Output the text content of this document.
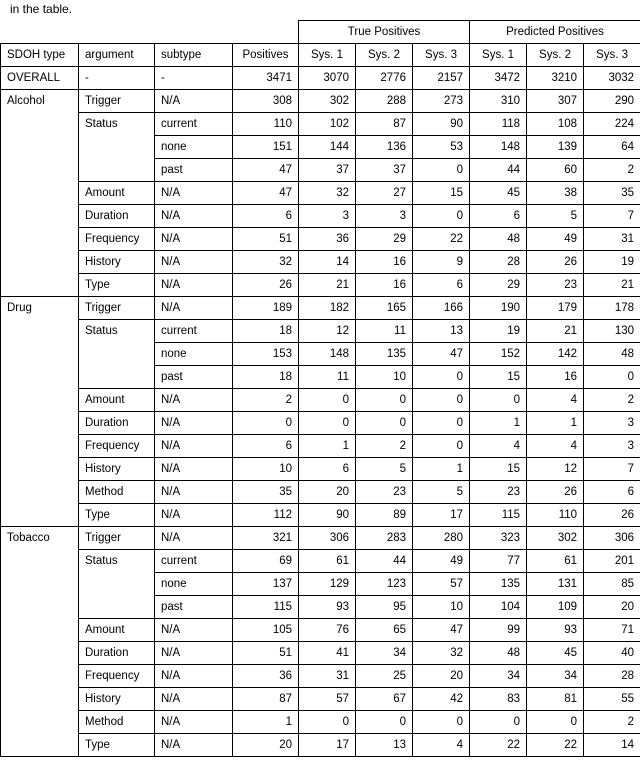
in the table.
				True Positives			Predicted Positives		
SDOH type	argument	subtype	Positives	Sys. 1	Sys. 2	Sys. 3	Sys. 1	Sys. 2	Sys. 3
OVERALL	-	-	3471	3070	2776	2157	3472	3210	3032
Alcohol	Trigger	N/A	308	302	288	273	310	307	290
	Status	current	110	102	87	90	118	108	224
		none	151	144	136	53	148	139	64
		past	47	37	37	0	44	60	2
	Amount	N/A	47	32	27	15	45	38	35
	Duration	N/A	6	3	3	0	6	5	7
	Frequency	N/A	51	36	29	22	48	49	31
	History	N/A	32	14	16	9	28	26	19
	Type	N/A	26	21	16	6	29	23	21
Drug	Trigger	N/A	189	182	165	166	190	179	178
	Status	current	18	12	11	13	19	21	130
		none	153	148	135	47	152	142	48
		past	18	11	10	0	15	16	0
	Amount	N/A	2	0	0	0	0	4	2
	Duration	N/A	0	0	0	0	1	1	3
	Frequency	N/A	6	1	2	0	4	4	3
	History	N/A	10	6	5	1	15	12	7
	Method	N/A	35	20	23	5	23	26	6
	Type	N/A	112	90	89	17	115	110	26
Tobacco	Trigger	N/A	321	306	283	280	323	302	306
	Status	current	69	61	44	49	77	61	201
		none	137	129	123	57	135	131	85
		past	115	93	95	10	104	109	20
	Amount	N/A	105	76	65	47	99	93	71
	Duration	N/A	51	41	34	32	48	45	40
	Frequency	N/A	36	31	25	20	34	34	28
	History	N/A	87	57	67	42	83	81	55
	Method	N/A	1	0	0	0	0	0	2
	Type	N/A	20	17	13	4	22	22	14
